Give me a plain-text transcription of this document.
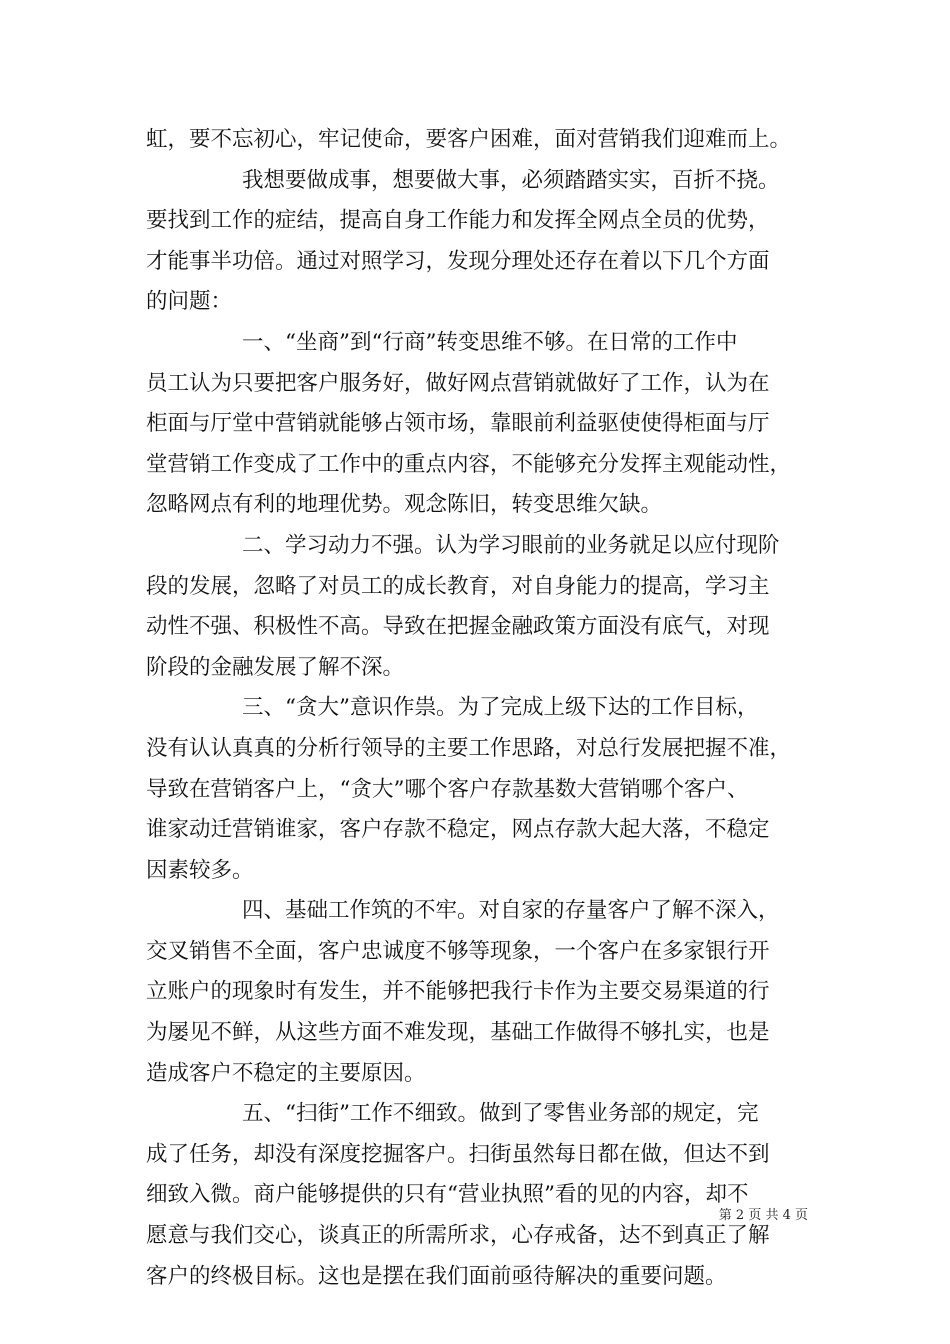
虹，要不忘初心，牢记使命，要客户困难，面对营销我们迎难而上。
我想要做成事，想要做大事，必须踏踏实实，百折不挠。
要找到工作的症结，提高自身工作能力和发挥全网点全员的优势，
才能事半功倍。通过对照学习，发现分理处还存在着以下几个方面
的问题：
一、“坐商”到“行商”转变思维不够。在日常的工作中
员工认为只要把客户服务好，做好网点营销就做好了工作，认为在
柜面与厅堂中营销就能够占领市场，靠眼前利益驱使使得柜面与厅
堂营销工作变成了工作中的重点内容，不能够充分发挥主观能动性，
忽略网点有利的地理优势。观念陈旧，转变思维欠缺。
二、学习动力不强。认为学习眼前的业务就足以应付现阶
段的发展，忽略了对员工的成长教育，对自身能力的提高，学习主
动性不强、积极性不高。导致在把握金融政策方面没有底气，对现
阶段的金融发展了解不深。
三、“贪大”意识作祟。为了完成上级下达的工作目标，
没有认认真真的分析行领导的主要工作思路，对总行发展把握不准，
导致在营销客户上，“贪大”哪个客户存款基数大营销哪个客户、
谁家动迁营销谁家，客户存款不稳定，网点存款大起大落，不稳定
因素较多。
四、基础工作筑的不牢。对自家的存量客户了解不深入，
交叉销售不全面，客户忠诚度不够等现象，一个客户在多家银行开
立账户的现象时有发生，并不能够把我行卡作为主要交易渠道的行
为屡见不鲜，从这些方面不难发现，基础工作做得不够扎实，也是
造成客户不稳定的主要原因。
五、“扫街”工作不细致。做到了零售业务部的规定，完
成了任务，却没有深度挖掘客户。扫街虽然每日都在做，但达不到
细致入微。商户能够提供的只有“营业执照”看的见的内容，却不
愿意与我们交心，谈真正的所需所求，心存戒备，达不到真正了解
客户的终极目标。这也是摆在我们面前亟待解决的重要问题。
第 2 页 共 4 页
